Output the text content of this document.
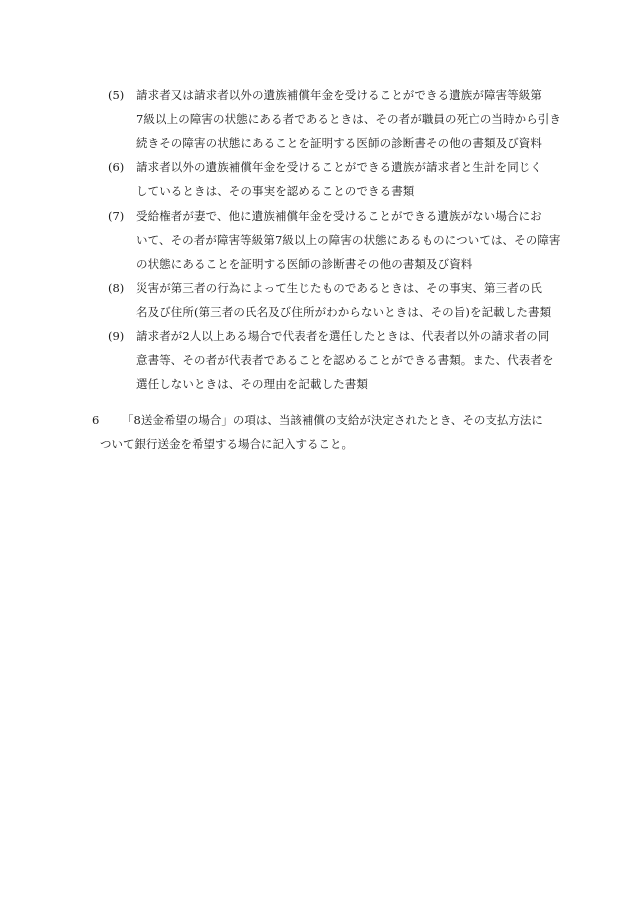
(5) 請求者又は請求者以外の遺族補償年金を受けることができる遺族が障害等級第
7級以上の障害の状態にある者であるときは、その者が職員の死亡の当時から引き
続きその障害の状態にあることを証明する医師の診断書その他の書類及び資料
(6) 請求者以外の遺族補償年金を受けることができる遺族が請求者と生計を同じく
しているときは、その事実を認めることのできる書類
(7) 受給権者が妻で、他に遺族補償年金を受けることができる遺族がない場合にお
いて、その者が障害等級第7級以上の障害の状態にあるものについては、その障害
の状態にあることを証明する医師の診断書その他の書類及び資料
(8) 災害が第三者の行為によって生じたものであるときは、その事実、第三者の氏
名及び住所(第三者の氏名及び住所がわからないときは、その旨)を記載した書類
(9) 請求者が2人以上ある場合で代表者を選任したときは、代表者以外の請求者の同
意書等、その者が代表者であることを認めることができる書類。また、代表者を
選任しないときは、その理由を記載した書類
6 「8送金希望の場合」の項は、当該補償の支給が決定されたとき、その支払方法に
ついて銀行送金を希望する場合に記入すること。
